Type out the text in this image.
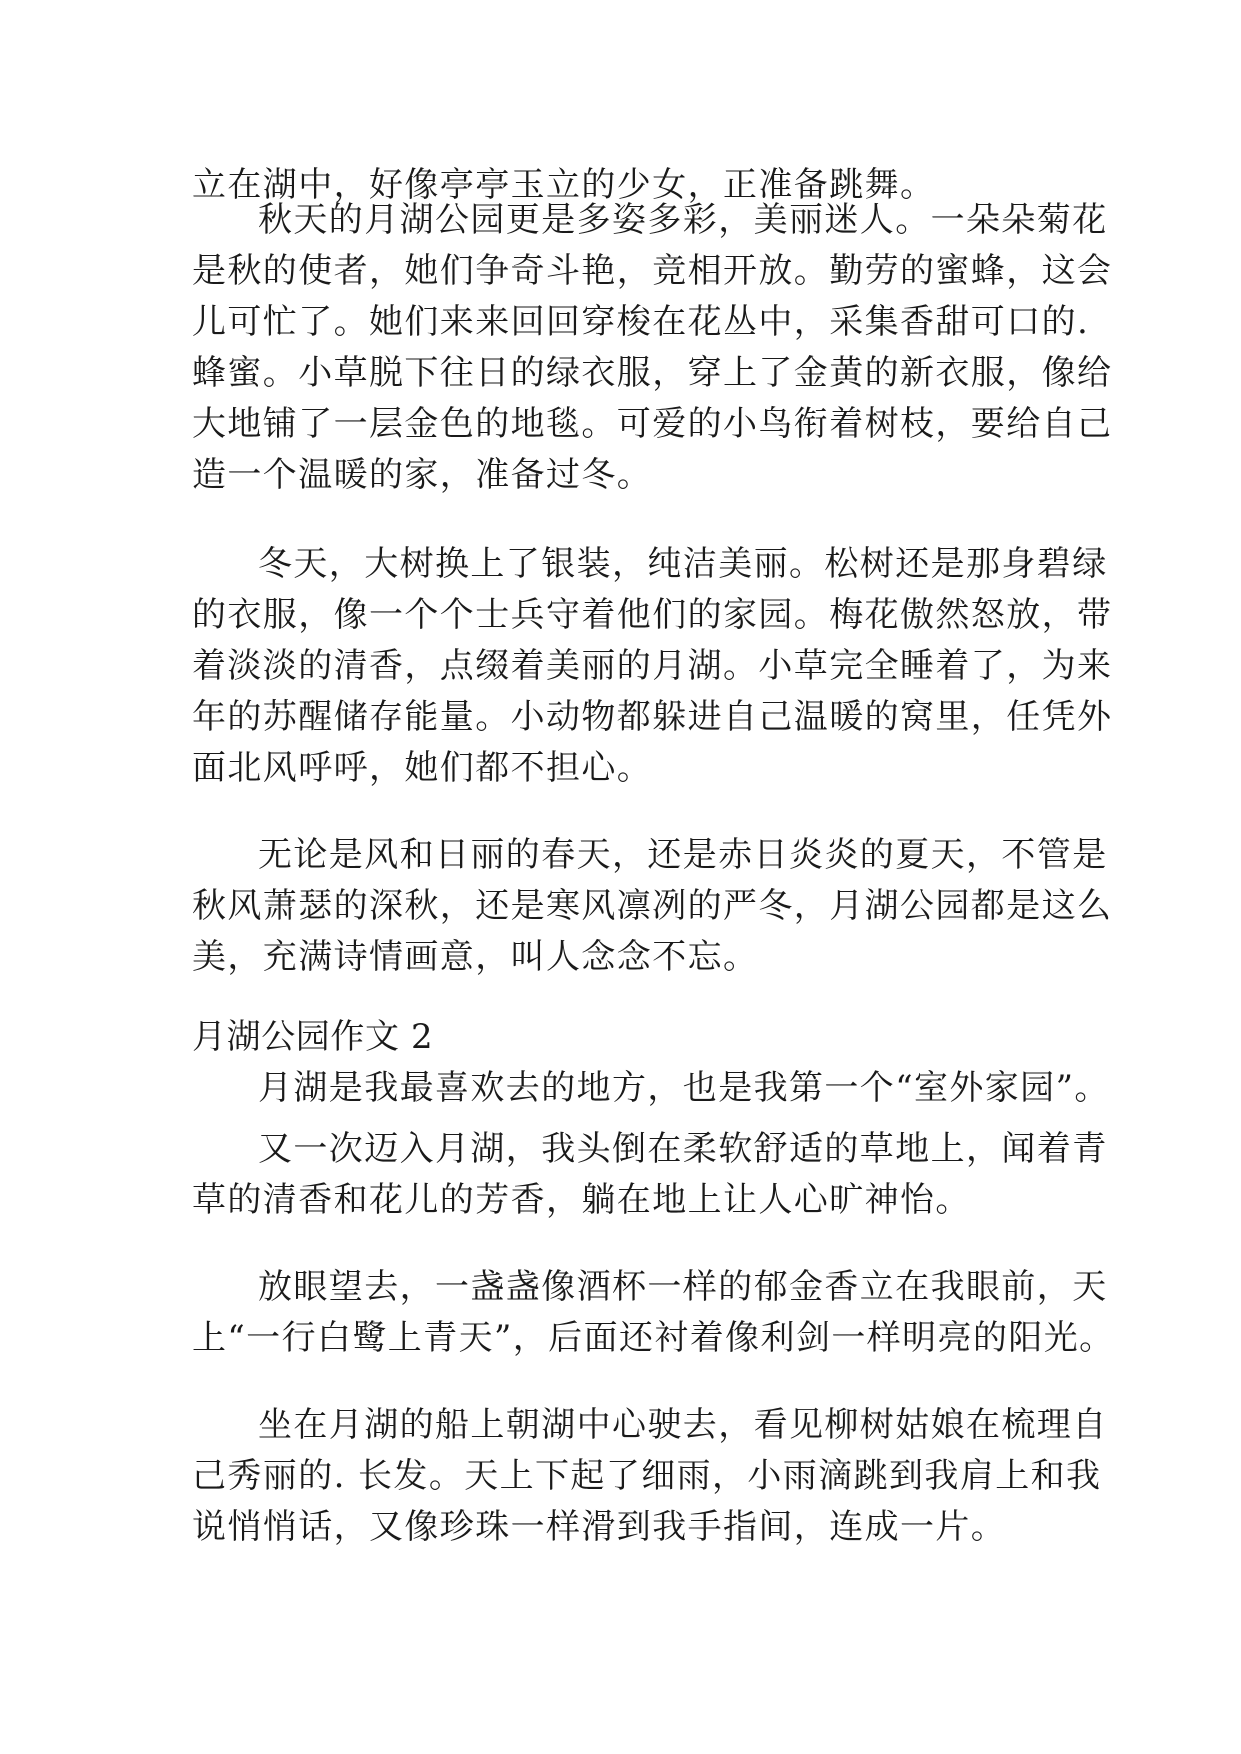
立在湖中，好像亭亭玉立的少女，正准备跳舞。
秋天的月湖公园更是多姿多彩，美丽迷人。一朵朵菊花
是秋的使者，她们争奇斗艳，竞相开放。勤劳的蜜蜂，这会
儿可忙了。她们来来回回穿梭在花丛中，采集香甜可口的.
蜂蜜。小草脱下往日的绿衣服，穿上了金黄的新衣服，像给
大地铺了一层金色的地毯。可爱的小鸟衔着树枝，要给自己
造一个温暖的家，准备过冬。
冬天，大树换上了银装，纯洁美丽。松树还是那身碧绿
的衣服，像一个个士兵守着他们的家园。梅花傲然怒放，带
着淡淡的清香，点缀着美丽的月湖。小草完全睡着了，为来
年的苏醒储存能量。小动物都躲进自己温暖的窝里，任凭外
面北风呼呼，她们都不担心。
无论是风和日丽的春天，还是赤日炎炎的夏天，不管是
秋风萧瑟的深秋，还是寒风凛冽的严冬，月湖公园都是这么
美，充满诗情画意，叫人念念不忘。
月湖公园作文 2
月湖是我最喜欢去的地方，也是我第一个“室外家园”。
又一次迈入月湖，我头倒在柔软舒适的草地上，闻着青
草的清香和花儿的芳香，躺在地上让人心旷神怡。
放眼望去，一盏盏像酒杯一样的郁金香立在我眼前，天
上“一行白鹭上青天”，后面还衬着像利剑一样明亮的阳光。
坐在月湖的船上朝湖中心驶去，看见柳树姑娘在梳理自
己秀丽的. 长发。天上下起了细雨，小雨滴跳到我肩上和我
说悄悄话，又像珍珠一样滑到我手指间，连成一片。
